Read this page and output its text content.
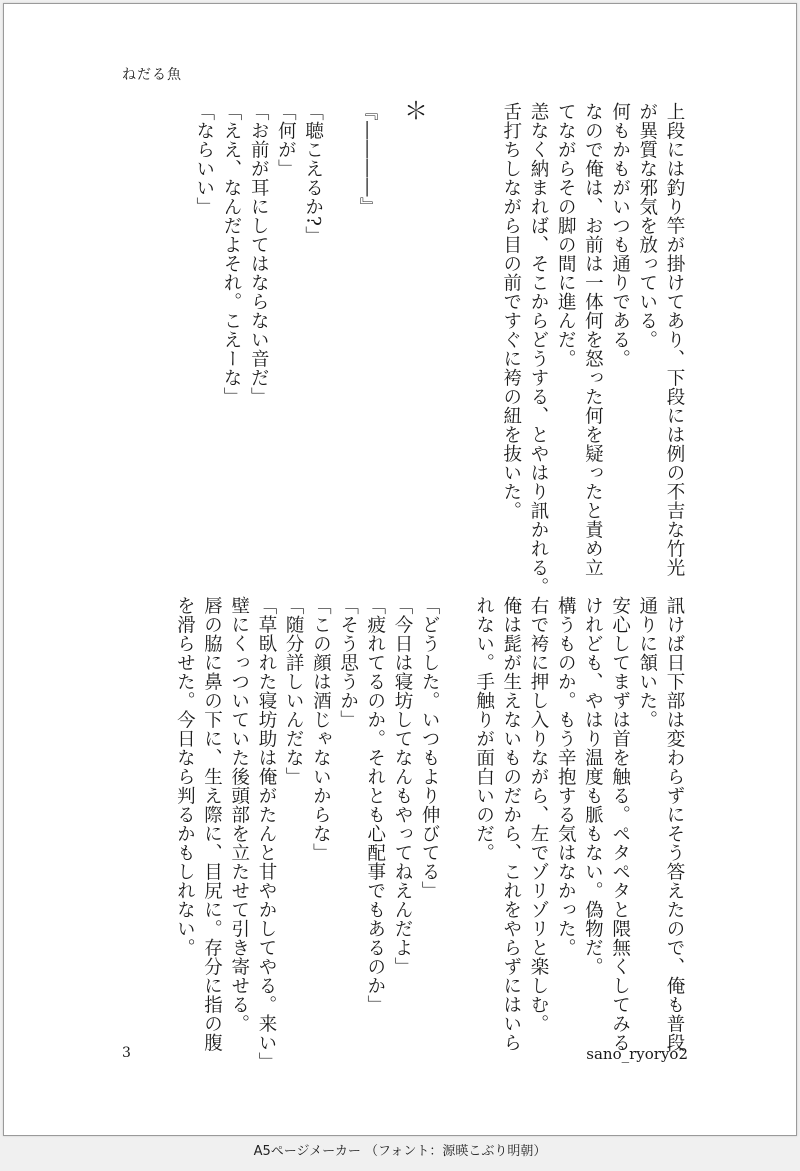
ねだる魚

上段には釣り竿が掛けてあり、下段には例の不吉な竹光

が異質な邪気を放っている。

何もかもがいつも通りである。

なので俺は、お前は一体何を怒った何を疑ったと責め立

てながらその脚の間に進んだ。

恙なく納まれば、そこからどうする、とやはり訊かれる。

舌打ちしながら目の前ですぐに袴の紐を抜いた。

＊

『――――』

「聴こえるか?」

「何が」

「お前が耳にしてはならない音だ」

「ええ、なんだよそれ。こえーな」

「ならいい」

訊けば日下部は変わらずにそう答えたので、俺も普段

通りに頷いた。

安心してまずは首を触る。ペタペタと隈無くしてみる

けれども、やはり温度も脈もない。偽物だ。

構うものか。もう辛抱する気はなかった。

右で袴に押し入りながら、左でゾリゾリと楽しむ。

俺は髭が生えないものだから、これをやらずにはいら

れない。手触りが面白いのだ。

「どうした。いつもより伸びてる」

「今日は寝坊してなんもやってねえんだよ」

「疲れてるのか。それとも心配事でもあるのか」

「そう思うか」

「この顔は酒じゃないからな」

「随分詳しいんだな」

「草臥れた寝坊助は俺がたんと甘やかしてやる。来い」

壁にくっついていた後頭部を立たせて引き寄せる。

唇の脇に鼻の下に、生え際に、目尻に。存分に指の腹

を滑らせた。今日なら判るかもしれない。

3	sano_ryoryo2
A5ページメーカー （フォント：源暎こぶり明朝）
